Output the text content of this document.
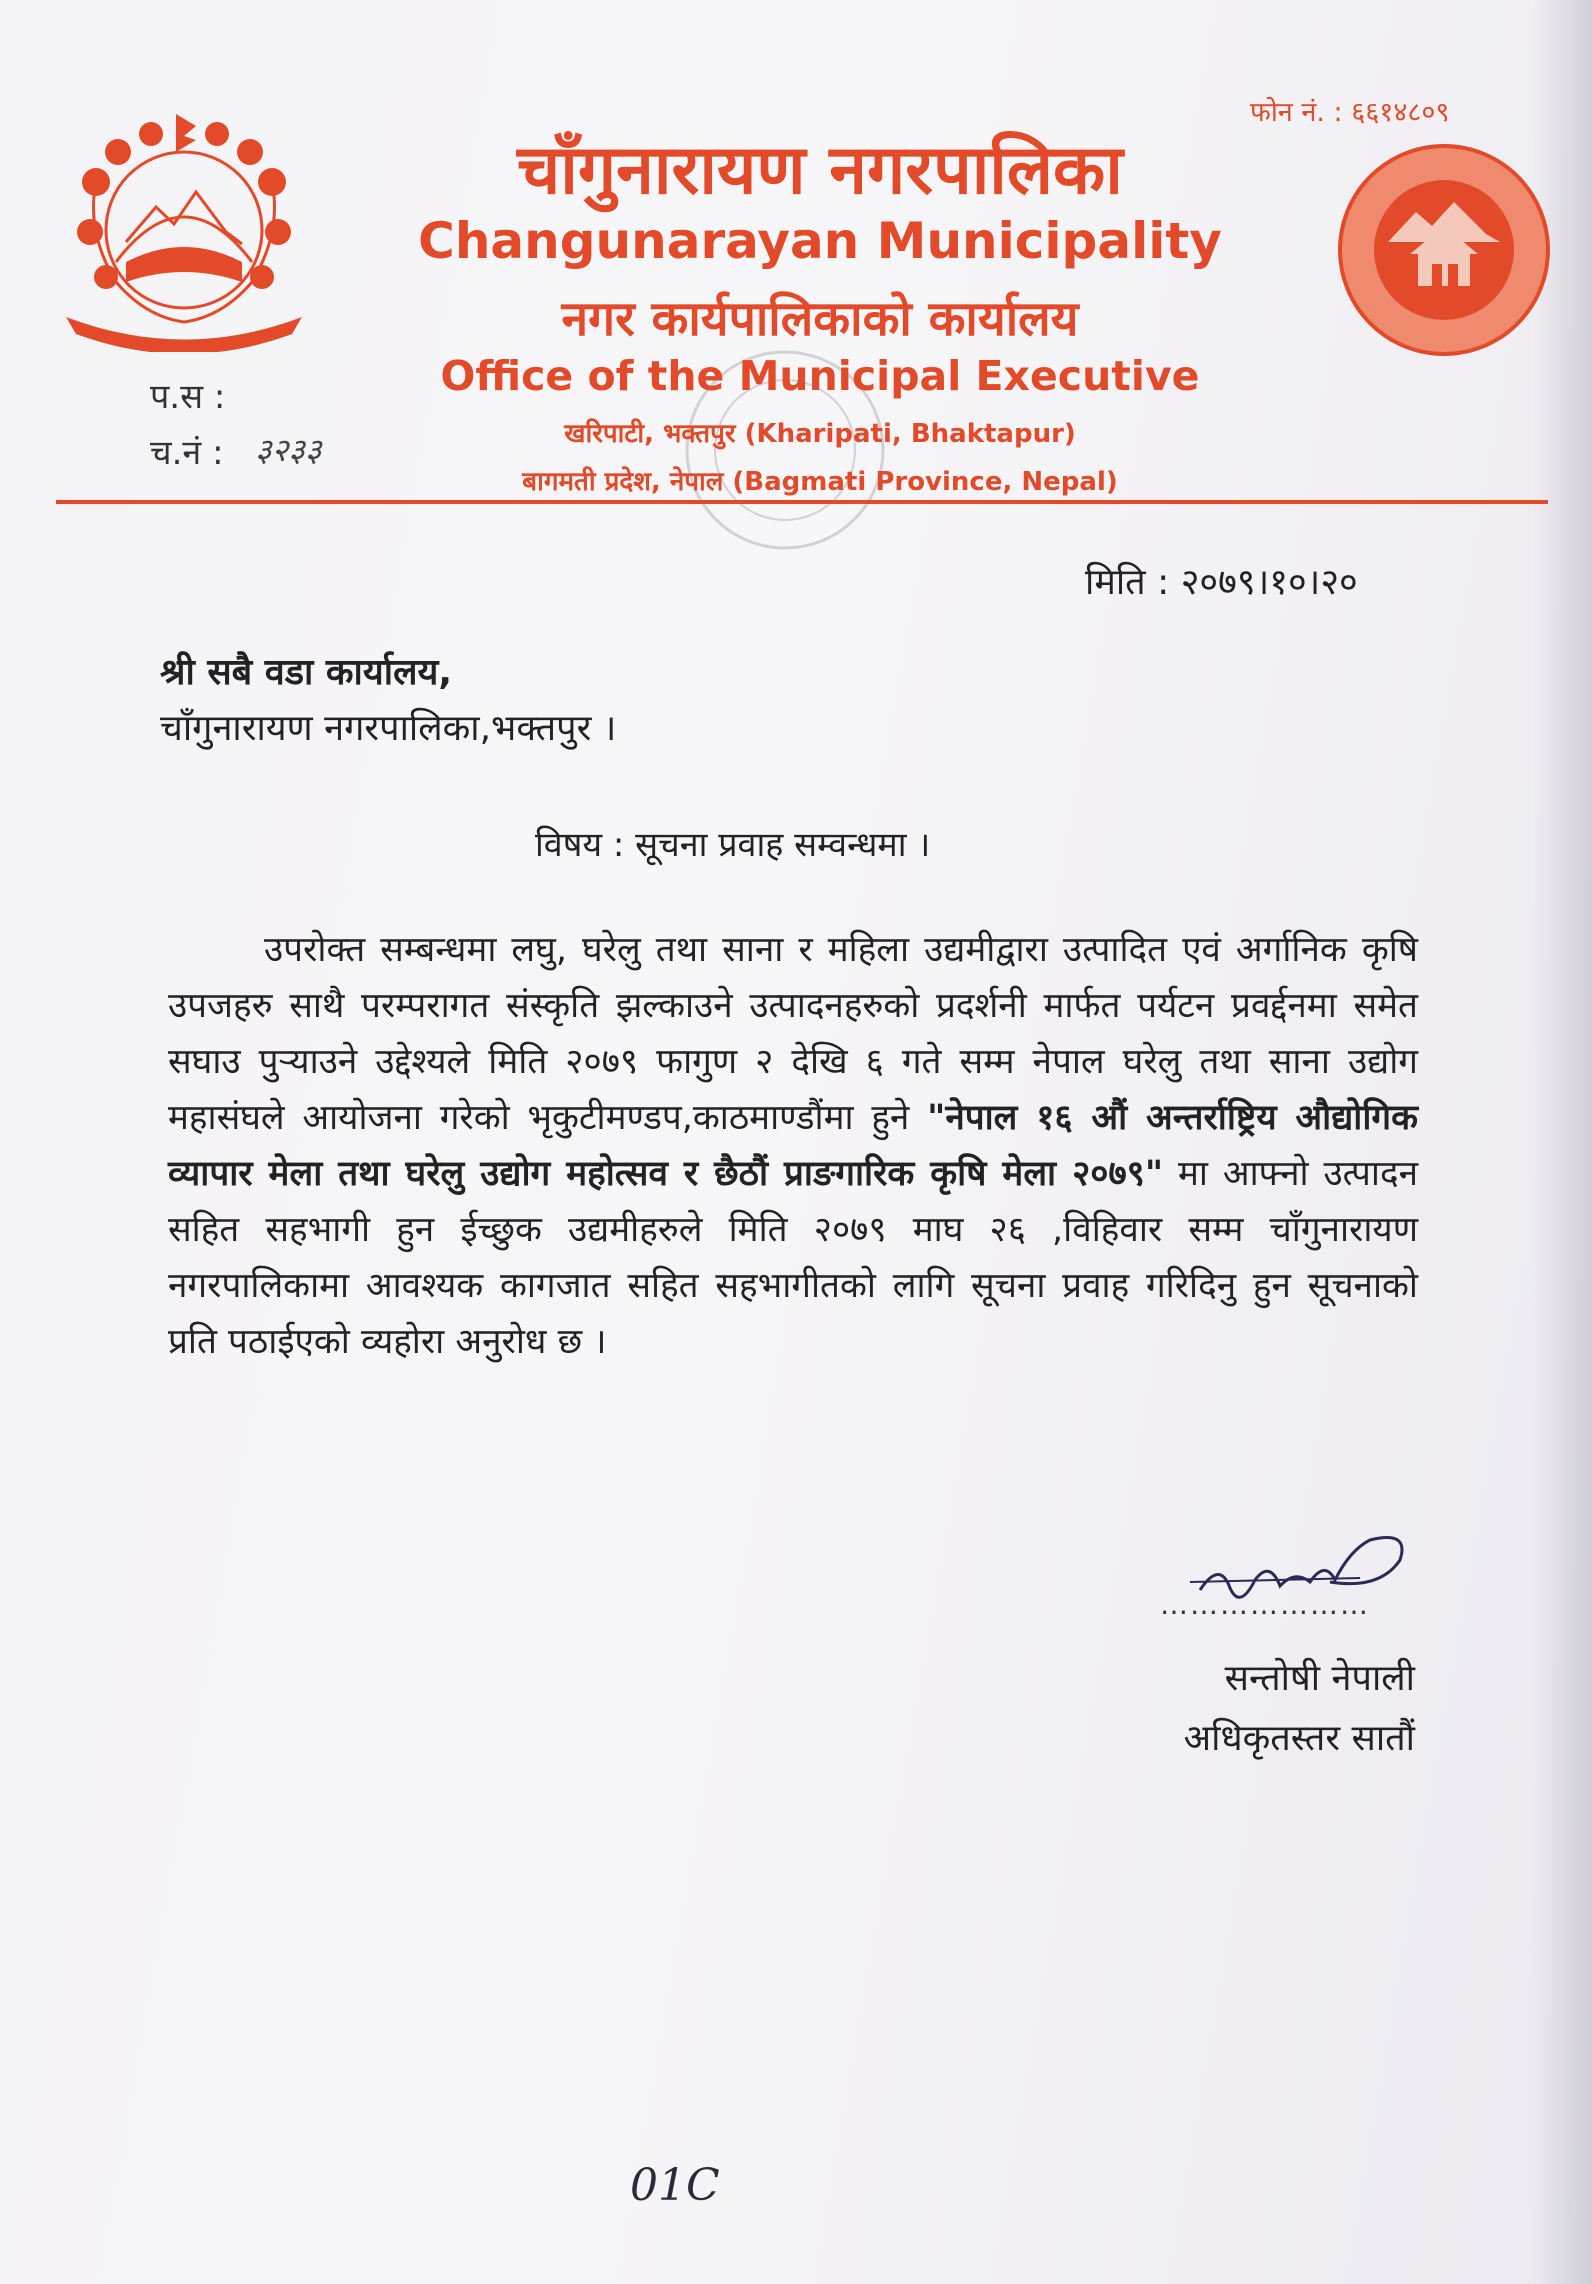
फोन नं. : ६६१४८०९
चाँगुनारायण नगरपालिका
Changunarayan Municipality
नगर कार्यपालिकाको कार्यालय
Office of the Municipal Executive
खरिपाटी, भक्तपुर (Kharipati, Bhaktapur)
बागमती प्रदेश, नेपाल (Bagmati Province, Nepal)
प.स :
च.नं : ३२३३
मिति : २०७९।१०।२०
श्री सबै वडा कार्यालय,
चाँगुनारायण नगरपालिका,भक्तपुर ।
विषय : सूचना प्रवाह सम्वन्धमा ।
उपरोक्त सम्बन्धमा लघु, घरेलु तथा साना र महिला उद्यमीद्वारा उत्पादित एवं अर्गानिक कृषि उपजहरु साथै परम्परागत संस्कृति झल्काउने उत्पादनहरुको प्रदर्शनी मार्फत पर्यटन प्रवर्द्दनमा समेत सघाउ पुऱ्याउने उद्देश्यले मिति २०७९ फागुण २ देखि ६ गते सम्म नेपाल घरेलु तथा साना उद्योग महासंघले आयोजना गरेको भृकुटीमण्डप,काठमाण्डौंमा हुने "नेपाल १६ औं अन्तर्राष्ट्रिय औद्योगिक व्यापार मेला तथा घरेलु उद्योग महोत्सव र छैठौं प्राङगारिक कृषि मेला २०७९" मा आफ्नो उत्पादन सहित सहभागी हुन ईच्छुक उद्यमीहरुले मिति २०७९ माघ २६ ,विहिवार सम्म चाँगुनारायण नगरपालिकामा आवश्यक कागजात सहित सहभागीतको लागि सूचना प्रवाह गरिदिनु हुन सूचनाको प्रति पठाईएको व्यहोरा अनुरोध छ ।
…………………
सन्तोषी नेपाली
अधिकृतस्तर सातौं
01C
